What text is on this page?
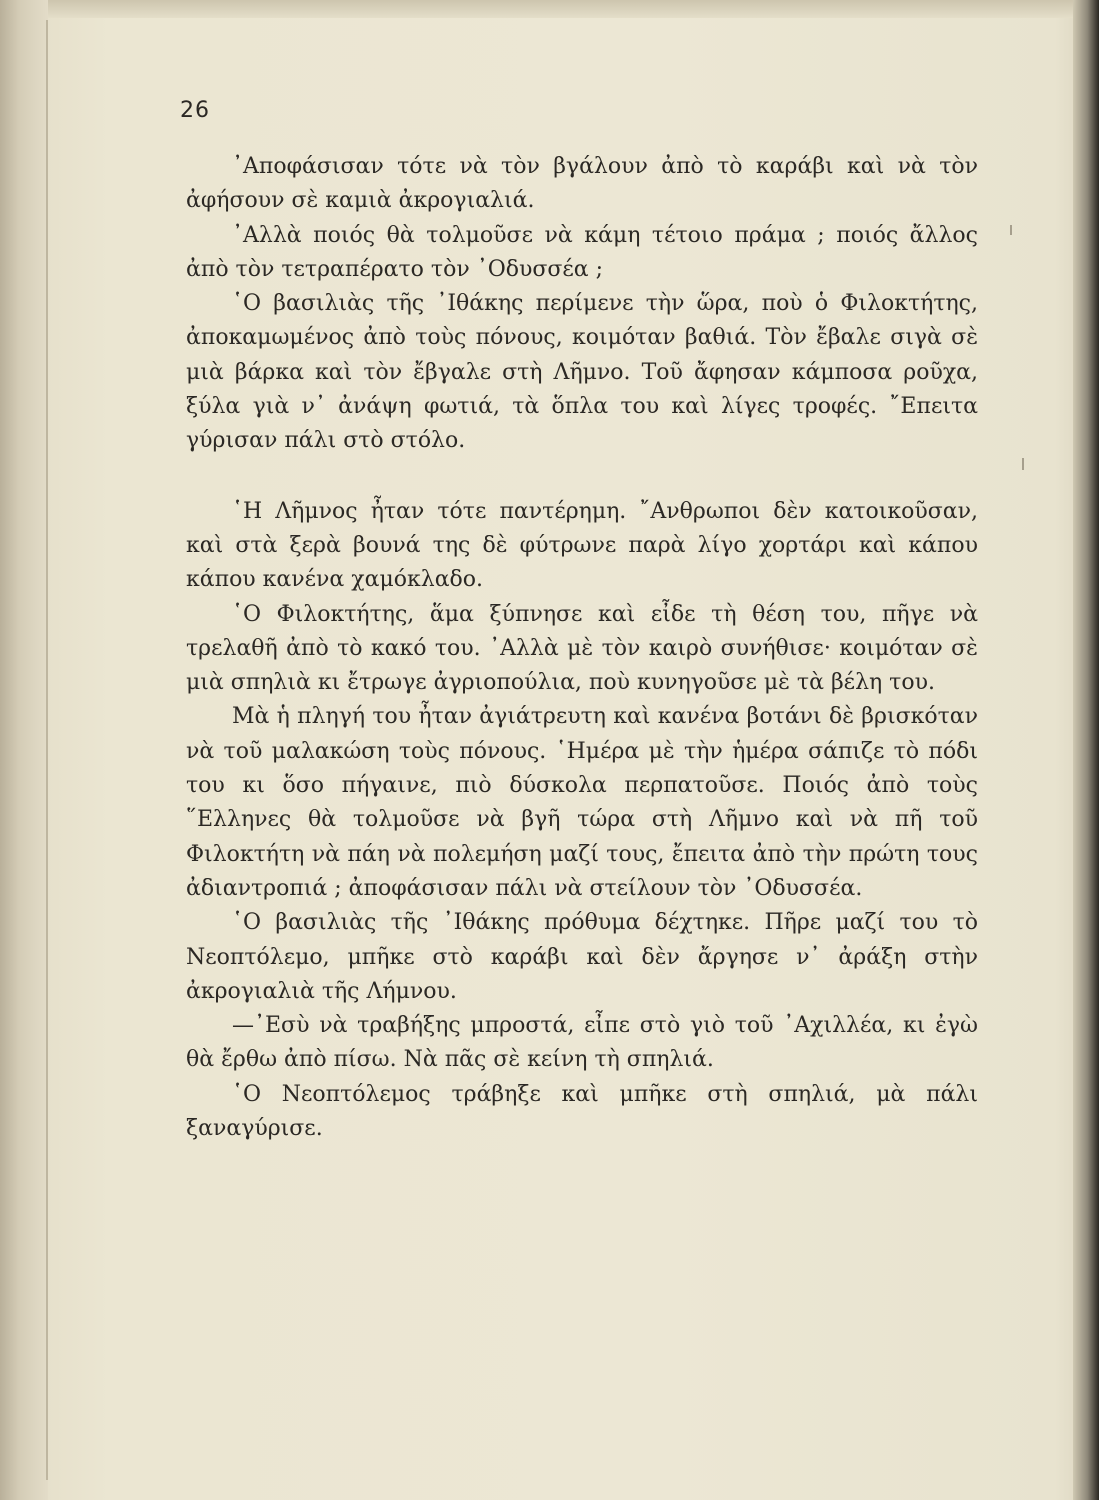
26

᾿Αποφάσισαν τότε νὰ τὸν βγάλουν ἀπὸ τὸ καράβι καὶ νὰ τὸν ἀφήσουν σὲ καμιὰ ἀκρογιαλιά.

᾿Αλλὰ ποιός θὰ τολμοῦσε νὰ κάμη τέτοιο πράμα ; ποιός ἄλλος ἀπὸ τὸν τετραπέρατο τὸν ᾿Οδυσσέα ;

῾Ο βασιλιὰς τῆς ᾿Ιθάκης περίμενε τὴν ὥρα, ποὺ ὁ Φιλοκτήτης, ἀποκαμωμένος ἀπὸ τοὺς πόνους, κοιμόταν βαθιά. Τὸν ἔβαλε σιγὰ σὲ μιὰ βάρκα καὶ τὸν ἔβγαλε στὴ Λῆμνο. Τοῦ ἄφησαν κάμποσα ροῦχα, ξύλα γιὰ ν᾿ ἀνάψη φωτιά, τὰ ὅπλα του καὶ λίγες τροφές. ῎Επειτα γύρισαν πάλι στὸ στόλο.

῾Η Λῆμνος ἦταν τότε παντέρημη. ῎Ανθρωποι δὲν κατοικοῦσαν, καὶ στὰ ξερὰ βουνά της δὲ φύτρωνε παρὰ λίγο χορτάρι καὶ κάπου κάπου κανένα χαμόκλαδο.

῾Ο Φιλοκτήτης, ἅμα ξύπνησε καὶ εἶδε τὴ θέση του, πῆγε νὰ τρελαθῆ ἀπὸ τὸ κακό του. ᾿Αλλὰ μὲ τὸν καιρὸ συνήθισε· κοιμόταν σὲ μιὰ σπηλιὰ κι ἔτρωγε ἀγριοπούλια, ποὺ κυνηγοῦσε μὲ τὰ βέλη του.

Μὰ ἡ πληγή του ἦταν ἀγιάτρευτη καὶ κανένα βοτάνι δὲ βρισκόταν νὰ τοῦ μαλακώση τοὺς πόνους. ῾Ημέρα μὲ τὴν ἡμέρα σάπιζε τὸ πόδι του κι ὅσο πήγαινε, πιὸ δύσκολα περπατοῦσε. Ποιός ἀπὸ τοὺς ῞Ελληνες θὰ τολμοῦσε νὰ βγῆ τώρα στὴ Λῆμνο καὶ νὰ πῆ τοῦ Φιλοκτήτη νὰ πάη νὰ πολεμήση μαζί τους, ἔπειτα ἀπὸ τὴν πρώτη τους ἀδιαντροπιά ; ἀποφάσισαν πάλι νὰ στείλουν τὸν ᾿Οδυσσέα.

῾Ο βασιλιὰς τῆς ᾿Ιθάκης πρόθυμα δέχτηκε. Πῆρε μαζί του τὸ Νεοπτόλεμο, μπῆκε στὸ καράβι καὶ δὲν ἄργησε ν᾿ ἀράξη στὴν ἀκρογιαλιὰ τῆς Λήμνου.

—᾿Εσὺ νὰ τραβήξης μπροστά, εἶπε στὸ γιὸ τοῦ ᾿Αχιλλέα, κι ἐγὼ θὰ ἔρθω ἀπὸ πίσω. Νὰ πᾶς σὲ κείνη τὴ σπηλιά.

῾Ο Νεοπτόλεμος τράβηξε καὶ μπῆκε στὴ σπηλιά, μὰ πάλι ξαναγύρισε.
